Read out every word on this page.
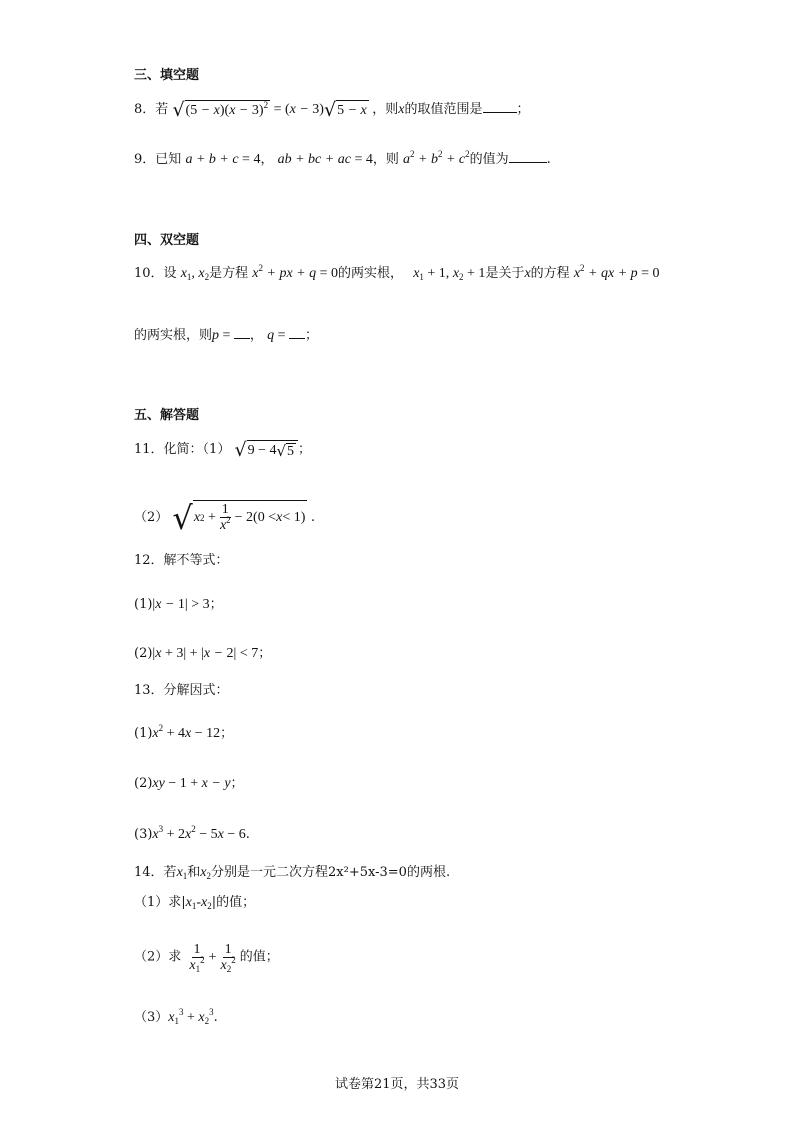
三、填空题
8．若 √ $(5 - x)(x - 3)^2 = (x - 3)$ √ 5 − x ，则x的取值范围是	；
9．已知 a + b + c = 4， ab + bc + ac = 4，则 $a^2 + b^2 + c^2$的值为	.
四、双空题
10．设 $x_1$, $x_2$是方程 $x^2$ + px + q = 0的两实根， $x_1 + 1$, $x_2 + 1$是关于x的方程 $x^2$ + qx + p = 0
的两实根，则p = ， q = ；
五、解答题
11．化简：（1） √ 9 − 4 √ 5 ；
（2） √ x $2 + \frac{1}{x^2} - 2(0 < x < 1)$ .
12．解不等式：
(1)|x − 1| > 3；
(2)|x + 3| + |x − 2| < 7；
13．分解因式：
$(1)x^2 + 4x - 12$；
(2)xy − 1 + x − y；
$(3)x^3 + 2x^2 - 5x - 6$.
14．若$x_1$和$x_2$分别是一元二次方程2x²+5x-3=0的两根.
（1）求$|x_1-x_2|$的值；
（2）求 $\frac{1}{x_1^2} + \frac{1}{x_2^2}$ 的值；
$(3)x_1^3 + x_2^3$.
试卷第21页，共33页
